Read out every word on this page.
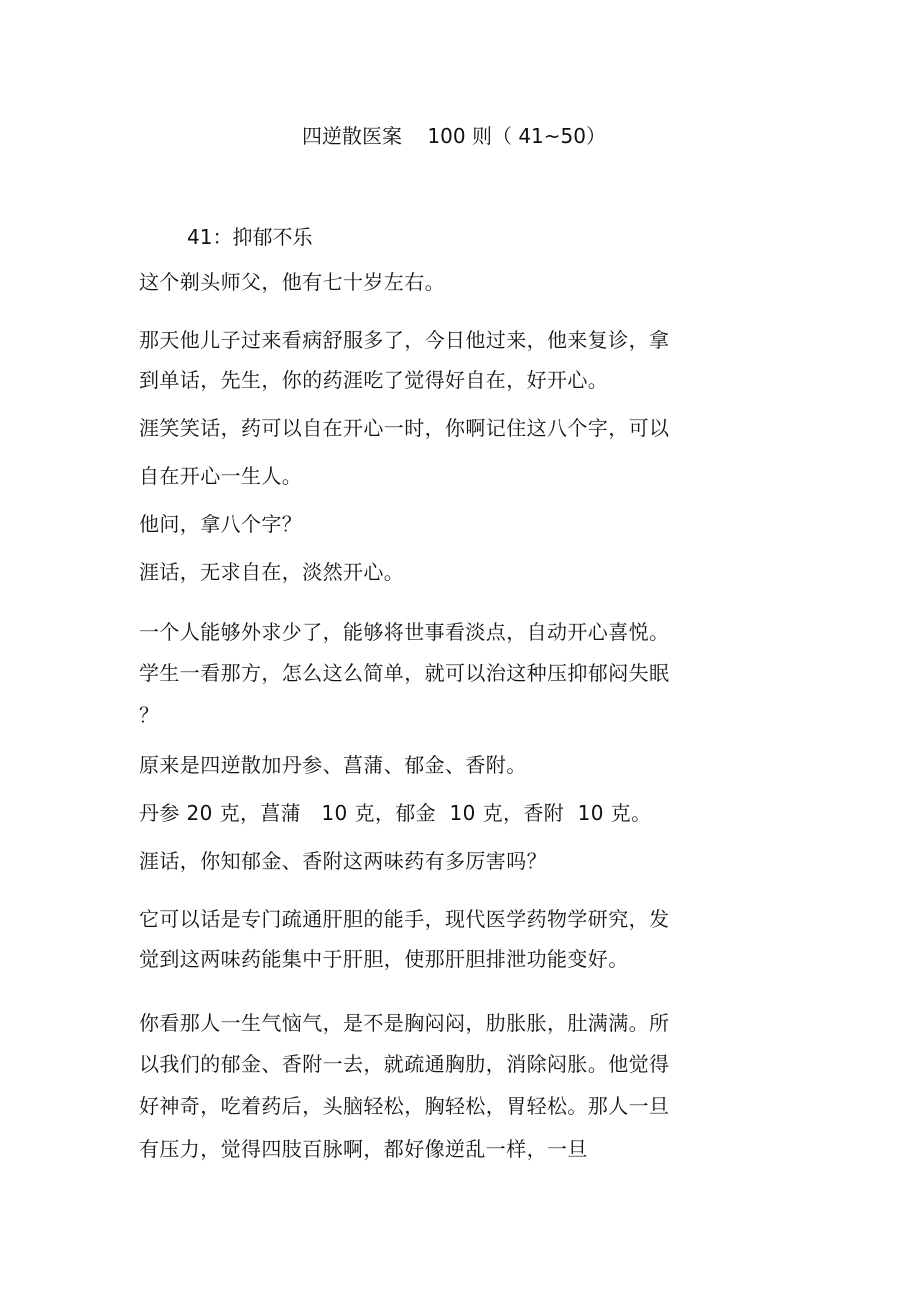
四逆散医案    100 则（ 41~50）
41：抑郁不乐
这个剃头师父，他有七十岁左右。
那天他儿子过来看病舒服多了，今日他过来，他来复诊，拿
到单话，先生，你的药涯吃了觉得好自在，好开心。
涯笑笑话，药可以自在开心一时，你啊记住这八个字，可以
自在开心一生人。
他问，拿八个字？
涯话，无求自在，淡然开心。
一个人能够外求少了，能够将世事看淡点，自动开心喜悦。
学生一看那方，怎么这么简单，就可以治这种压抑郁闷失眠
？
原来是四逆散加丹参、菖蒲、郁金、香附。
丹参 20 克，菖蒲   10 克，郁金  10 克，香附  10 克。
涯话，你知郁金、香附这两味药有多厉害吗？
它可以话是专门疏通肝胆的能手，现代医学药物学研究，发
觉到这两味药能集中于肝胆，使那肝胆排泄功能变好。
你看那人一生气恼气，是不是胸闷闷，肋胀胀，肚满满。所
以我们的郁金、香附一去，就疏通胸肋，消除闷胀。他觉得
好神奇，吃着药后，头脑轻松，胸轻松，胃轻松。那人一旦
有压力，觉得四肢百脉啊，都好像逆乱一样，一旦
